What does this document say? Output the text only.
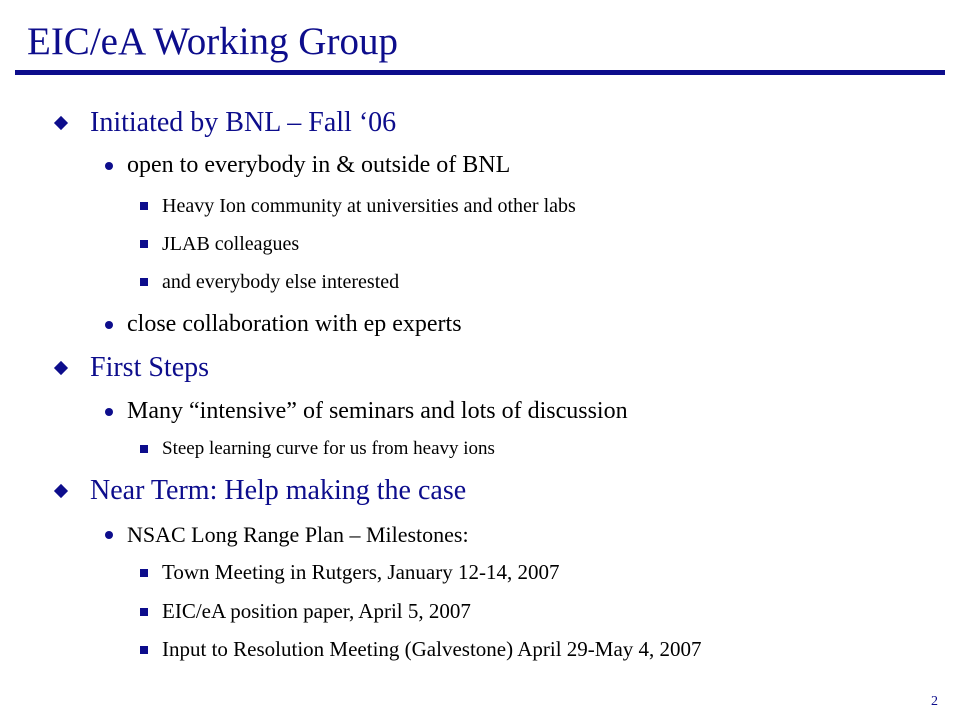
EIC/eA Working Group
Initiated by BNL – Fall ‘06
open to everybody in & outside of BNL
Heavy Ion community at universities and other labs
JLAB colleagues
and everybody else interested
close collaboration with ep experts
First Steps
Many “intensive” of seminars and lots of discussion
Steep learning curve for us from heavy ions
Near Term: Help making the case
NSAC Long Range Plan – Milestones:
Town Meeting in Rutgers, January 12-14, 2007
EIC/eA position paper, April 5, 2007
Input to Resolution Meeting (Galvestone) April 29-May 4, 2007
2
